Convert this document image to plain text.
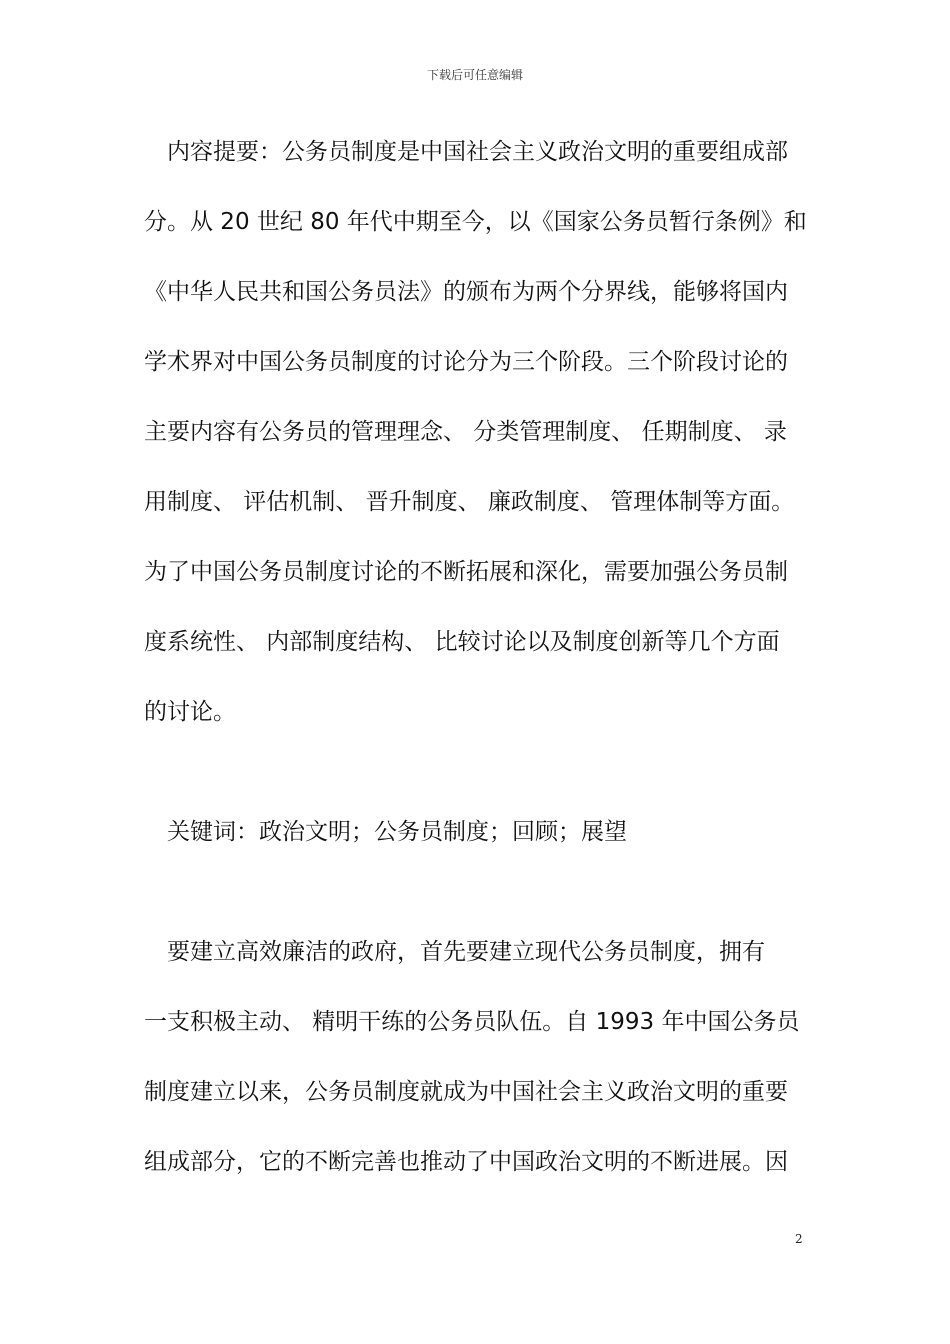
下载后可任意编辑
　内容提要：公务员制度是中国社会主义政治文明的重要组成部
分。从 20 世纪 80 年代中期至今，以《国家公务员暂行条例》和
《中华人民共和国公务员法》的颁布为两个分界线，能够将国内
学术界对中国公务员制度的讨论分为三个阶段。三个阶段讨论的
主要内容有公务员的管理理念、 分类管理制度、 任期制度、 录
用制度、 评估机制、 晋升制度、 廉政制度、 管理体制等方面。
为了中国公务员制度讨论的不断拓展和深化，需要加强公务员制
度系统性、 内部制度结构、 比较讨论以及制度创新等几个方面
的讨论。
　关键词：政治文明；公务员制度；回顾；展望
　要建立高效廉洁的政府，首先要建立现代公务员制度，拥有
一支积极主动、 精明干练的公务员队伍。自 1993 年中国公务员
制度建立以来，公务员制度就成为中国社会主义政治文明的重要
组成部分，它的不断完善也推动了中国政治文明的不断进展。因
2
